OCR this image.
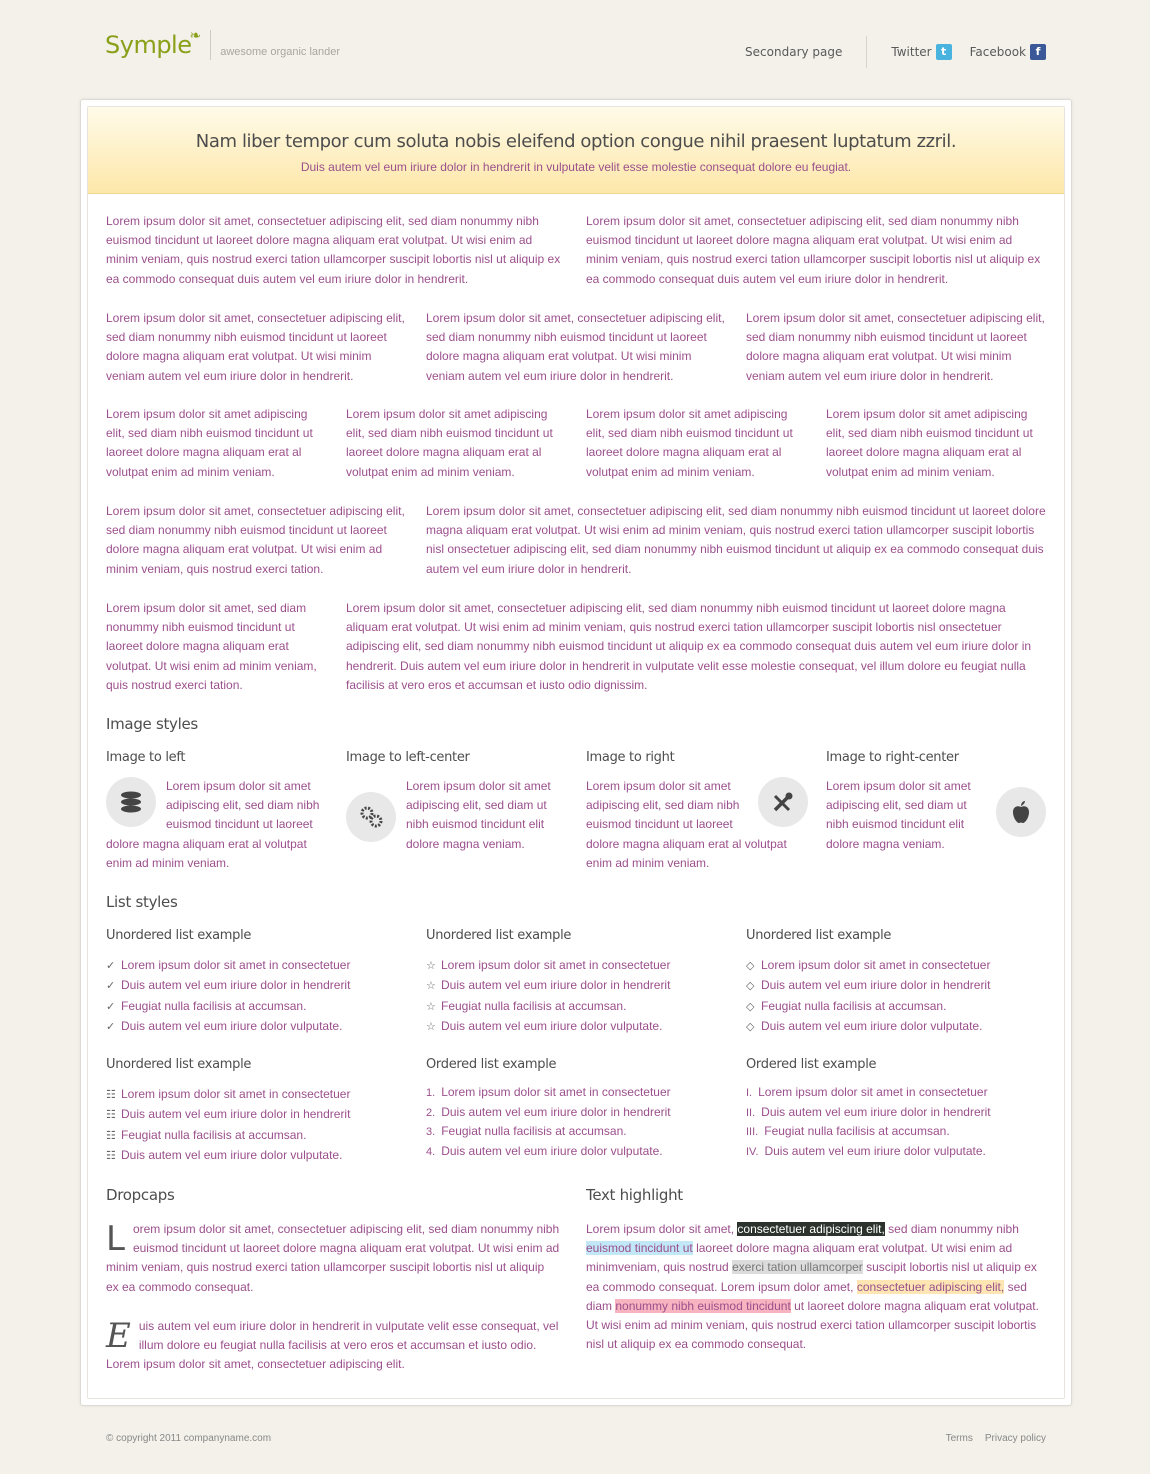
Symple
❧
awesome organic lander	Secondary page	Twitter t	Facebook f
Nam liber tempor cum soluta nobis eleifend option congue nihil praesent luptatum zzril.

Duis autem vel eum iriure dolor in hendrerit in vulputate velit esse molestie consequat dolore eu feugiat.

Lorem ipsum dolor sit amet, consectetuer adipiscing elit, sed diam nonummy nibh euismod tincidunt ut laoreet dolore magna aliquam erat volutpat. Ut wisi enim ad minim veniam, quis nostrud exerci tation ullamcorper suscipit lobortis nisl ut aliquip ex ea commodo consequat duis autem vel eum iriure dolor in hendrerit.
Lorem ipsum dolor sit amet, consectetuer adipiscing elit, sed diam nonummy nibh euismod tincidunt ut laoreet dolore magna aliquam erat volutpat. Ut wisi enim ad minim veniam, quis nostrud exerci tation ullamcorper suscipit lobortis nisl ut aliquip ex ea commodo consequat duis autem vel eum iriure dolor in hendrerit.
Lorem ipsum dolor sit amet, consectetuer adipiscing elit, sed diam nonummy nibh euismod tincidunt ut laoreet dolore magna aliquam erat volutpat. Ut wisi minim veniam autem vel eum iriure dolor in hendrerit.
Lorem ipsum dolor sit amet, consectetuer adipiscing elit, sed diam nonummy nibh euismod tincidunt ut laoreet dolore magna aliquam erat volutpat. Ut wisi minim veniam autem vel eum iriure dolor in hendrerit.
Lorem ipsum dolor sit amet, consectetuer adipiscing elit, sed diam nonummy nibh euismod tincidunt ut laoreet dolore magna aliquam erat volutpat. Ut wisi minim veniam autem vel eum iriure dolor in hendrerit.
Lorem ipsum dolor sit amet adipiscing elit, sed diam nibh euismod tincidunt ut laoreet dolore magna aliquam erat al volutpat enim ad minim veniam.
Lorem ipsum dolor sit amet adipiscing elit, sed diam nibh euismod tincidunt ut laoreet dolore magna aliquam erat al volutpat enim ad minim veniam.
Lorem ipsum dolor sit amet adipiscing elit, sed diam nibh euismod tincidunt ut laoreet dolore magna aliquam erat al volutpat enim ad minim veniam.
Lorem ipsum dolor sit amet adipiscing elit, sed diam nibh euismod tincidunt ut laoreet dolore magna aliquam erat al volutpat enim ad minim veniam.
Lorem ipsum dolor sit amet, consectetuer adipiscing elit, sed diam nonummy nibh euismod tincidunt ut laoreet dolore magna aliquam erat volutpat. Ut wisi enim ad minim veniam, quis nostrud exerci tation.
Lorem ipsum dolor sit amet, consectetuer adipiscing elit, sed diam nonummy nibh euismod tincidunt ut laoreet dolore magna aliquam erat volutpat. Ut wisi enim ad minim veniam, quis nostrud exerci tation ullamcorper suscipit lobortis nisl onsectetuer adipiscing elit, sed diam nonummy nibh euismod tincidunt ut aliquip ex ea commodo consequat duis autem vel eum iriure dolor in hendrerit.
Lorem ipsum dolor sit amet, sed diam nonummy nibh euismod tincidunt ut laoreet dolore magna aliquam erat volutpat. Ut wisi enim ad minim veniam, quis nostrud exerci tation.
Lorem ipsum dolor sit amet, consectetuer adipiscing elit, sed diam nonummy nibh euismod tincidunt ut laoreet dolore magna aliquam erat volutpat. Ut wisi enim ad minim veniam, quis nostrud exerci tation ullamcorper suscipit lobortis nisl onsectetuer adipiscing elit, sed diam nonummy nibh euismod tincidunt ut aliquip ex ea commodo consequat duis autem vel eum iriure dolor in hendrerit. Duis autem vel eum iriure dolor in hendrerit in vulputate velit esse molestie consequat, vel illum dolore eu feugiat nulla facilisis at vero eros et accumsan et iusto odio dignissim.
Image styles
Image to left
Lorem ipsum dolor sit amet adipiscing elit, sed diam nibh euismod tincidunt ut laoreet dolore magna aliquam erat al volutpat enim ad minim veniam.
Image to left-center
Lorem ipsum dolor sit amet adipiscing elit, sed diam ut nibh euismod tincidunt elit dolore magna veniam.
Image to right
Lorem ipsum dolor sit amet adipiscing elit, sed diam nibh euismod tincidunt ut laoreet dolore magna aliquam erat al volutpat enim ad minim veniam.
Image to right-center
Lorem ipsum dolor sit amet adipiscing elit, sed diam ut nibh euismod tincidunt elit dolore magna veniam.
List styles
Unordered list example
✓ Lorem ipsum dolor sit amet in consectetuer
✓ Duis autem vel eum iriure dolor in hendrerit
✓ Feugiat nulla facilisis at accumsan.
✓ Duis autem vel eum iriure dolor vulputate.
Unordered list example
☆ Lorem ipsum dolor sit amet in consectetuer
☆ Duis autem vel eum iriure dolor in hendrerit
☆ Feugiat nulla facilisis at accumsan.
☆ Duis autem vel eum iriure dolor vulputate.
Unordered list example
◇ Lorem ipsum dolor sit amet in consectetuer
◇ Duis autem vel eum iriure dolor in hendrerit
◇ Feugiat nulla facilisis at accumsan.
◇ Duis autem vel eum iriure dolor vulputate.
Unordered list example
☷ Lorem ipsum dolor sit amet in consectetuer
☷ Duis autem vel eum iriure dolor in hendrerit
☷ Feugiat nulla facilisis at accumsan.
☷ Duis autem vel eum iriure dolor vulputate.
Ordered list example
1. Lorem ipsum dolor sit amet in consectetuer
2. Duis autem vel eum iriure dolor in hendrerit
3. Feugiat nulla facilisis at accumsan.
4. Duis autem vel eum iriure dolor vulputate.
Ordered list example
I. Lorem ipsum dolor sit amet in consectetuer
II. Duis autem vel eum iriure dolor in hendrerit
III. Feugiat nulla facilisis at accumsan.
IV. Duis autem vel eum iriure dolor vulputate.
Dropcaps
L orem ipsum dolor sit amet, consectetuer adipiscing elit, sed diam nonummy nibh euismod tincidunt ut laoreet dolore magna aliquam erat volutpat. Ut wisi enim ad minim veniam, quis nostrud exerci tation ullamcorper suscipit lobortis nisl ut aliquip ex ea commodo consequat.
E uis autem vel eum iriure dolor in hendrerit in vulputate velit esse consequat, vel illum dolore eu feugiat nulla facilisis at vero eros et accumsan et iusto odio. Lorem ipsum dolor sit amet, consectetuer adipiscing elit.
Text highlight
Lorem ipsum dolor sit amet, consectetuer adipiscing elit, sed diam nonummy nibh euismod tincidunt ut laoreet dolore magna aliquam erat volutpat. Ut wisi enim ad minimveniam, quis nostrud exerci tation ullamcorper suscipit lobortis nisl ut aliquip ex ea commodo consequat. Lorem ipsum dolor amet, consectetuer adipiscing elit, sed diam nonummy nibh euismod tincidunt ut laoreet dolore magna aliquam erat volutpat. Ut wisi enim ad minim veniam, quis nostrud exerci tation ullamcorper suscipit lobortis nisl ut aliquip ex ea commodo consequat.
© copyright 2011 companyname.com	Terms Privacy policy
